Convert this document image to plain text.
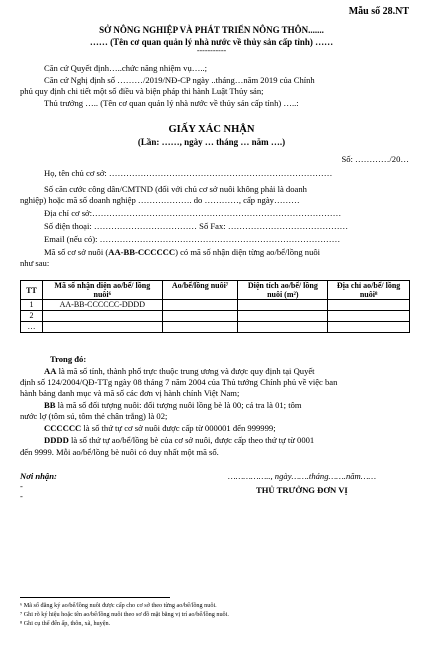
Mẫu số 28.NT
SỞ NÔNG NGHIỆP VÀ PHÁT TRIỂN NÔNG THÔN.......
…… (Tên cơ quan quản lý nhà nước về thủy sản cấp tỉnh) ……
-----------
Căn cứ Quyết định…..chức năng nhiệm vụ…..;
Căn cứ Nghị định số ………/2019/NĐ-CP ngày ..tháng…năm 2019 của Chính
phủ quy định chi tiết một số điều và biện pháp thi hành Luật Thủy sản;
Thủ trưởng ….. (Tên cơ quan quản lý nhà nước về thủy sản cấp tỉnh) …..:
GIẤY XÁC NHẬN
(Lần: ……, ngày … tháng … năm ….)
Số: …………/20…
Họ, tên chủ cơ sở: ……………………………………………………………………
Số căn cước công dân/CMTND (đối với chủ cơ sở nuôi không phải là doanh
nghiệp) hoặc mã số doanh nghiệp ………………. do …………, cấp ngày………
Địa chỉ cơ sở:……………………………………………………………………………
Số điện thoại: ……………………………… Số Fax: ……………………………………
Email (nếu có): …………………………………………………………………………
Mã số cơ sở nuôi (AA-BB-CCCCCC) có mã số nhận diện từng ao/bể/lồng nuôi
như sau:
TT	Mã số nhận diện ao/bể/ lồng nuôi⁶	Ao/bể/lồng nuôi⁷	Diện tích ao/bể/ lồng nuôi (m²)	Địa chỉ ao/bể/ lồng nuôi⁸
1	AA-BB-CCCCCC-DDDD			
2				
…				
Trong đó:
AA là mã số tỉnh, thành phố trực thuộc trung ương và được quy định tại Quyết
định số 124/2004/QĐ-TTg ngày 08 tháng 7 năm 2004 của Thủ tướng Chính phủ về việc ban
hành bảng danh mục và mã số các đơn vị hành chính Việt Nam;
BB là mã số đối tượng nuôi: đối tượng nuôi lồng bè là 00; cá tra là 01; tôm
nước lợ (tôm sú, tôm thẻ chân trắng) là 02;
CCCCCC là số thứ tự cơ sở nuôi được cấp từ 000001 đến 999999;
DDDD là số thứ tự ao/bể/lồng bè của cơ sở nuôi, được cấp theo thứ tự từ 0001
đến 9999. Mỗi ao/bể/lồng bè nuôi có duy nhất một mã số.
Nơi nhận:
-
-
…………….., ngày…….tháng…….năm……
THỦ TRƯỞNG ĐƠN VỊ
⁶ Mã số đăng ký ao/bể/lồng nuôi được cấp cho cơ sở theo từng ao/bể/lồng nuôi.
⁷ Ghi rõ ký hiệu hoặc tên ao/bể/lồng nuôi theo sơ đồ mặt bằng vị trí ao/bể/lồng nuôi.
⁸ Ghi cụ thể đến ấp, thôn, xã, huyện.
